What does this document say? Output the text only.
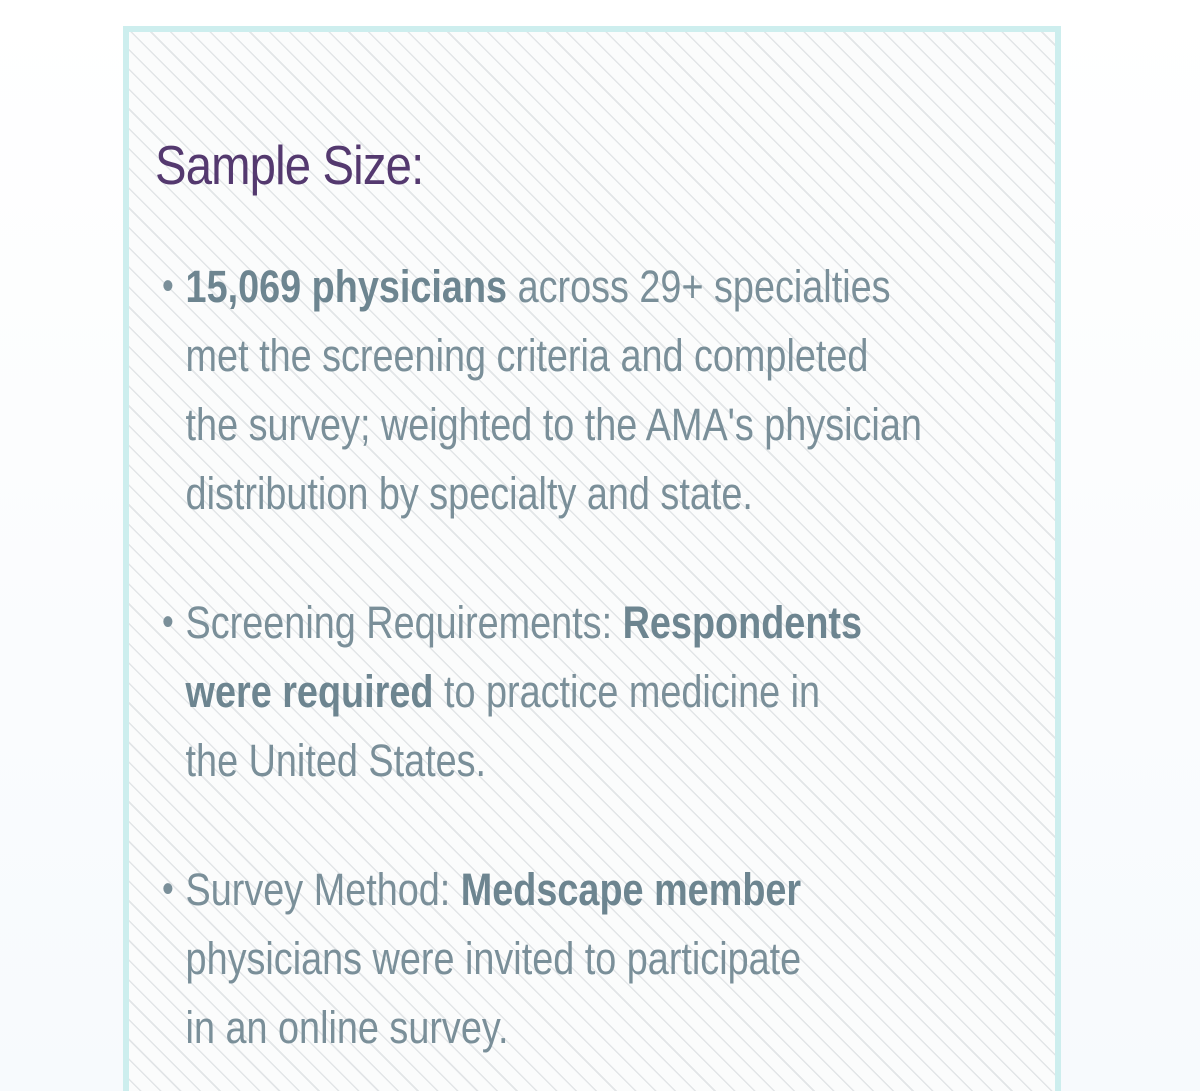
Sample Size:
• 15,069 physicians across 29+ specialties
met the screening criteria and completed
the survey; weighted to the AMA's physician
distribution by specialty and state.
• Screening Requirements: Respondents
were required to practice medicine in
the United States.
• Survey Method: Medscape member
physicians were invited to participate
in an online survey.
